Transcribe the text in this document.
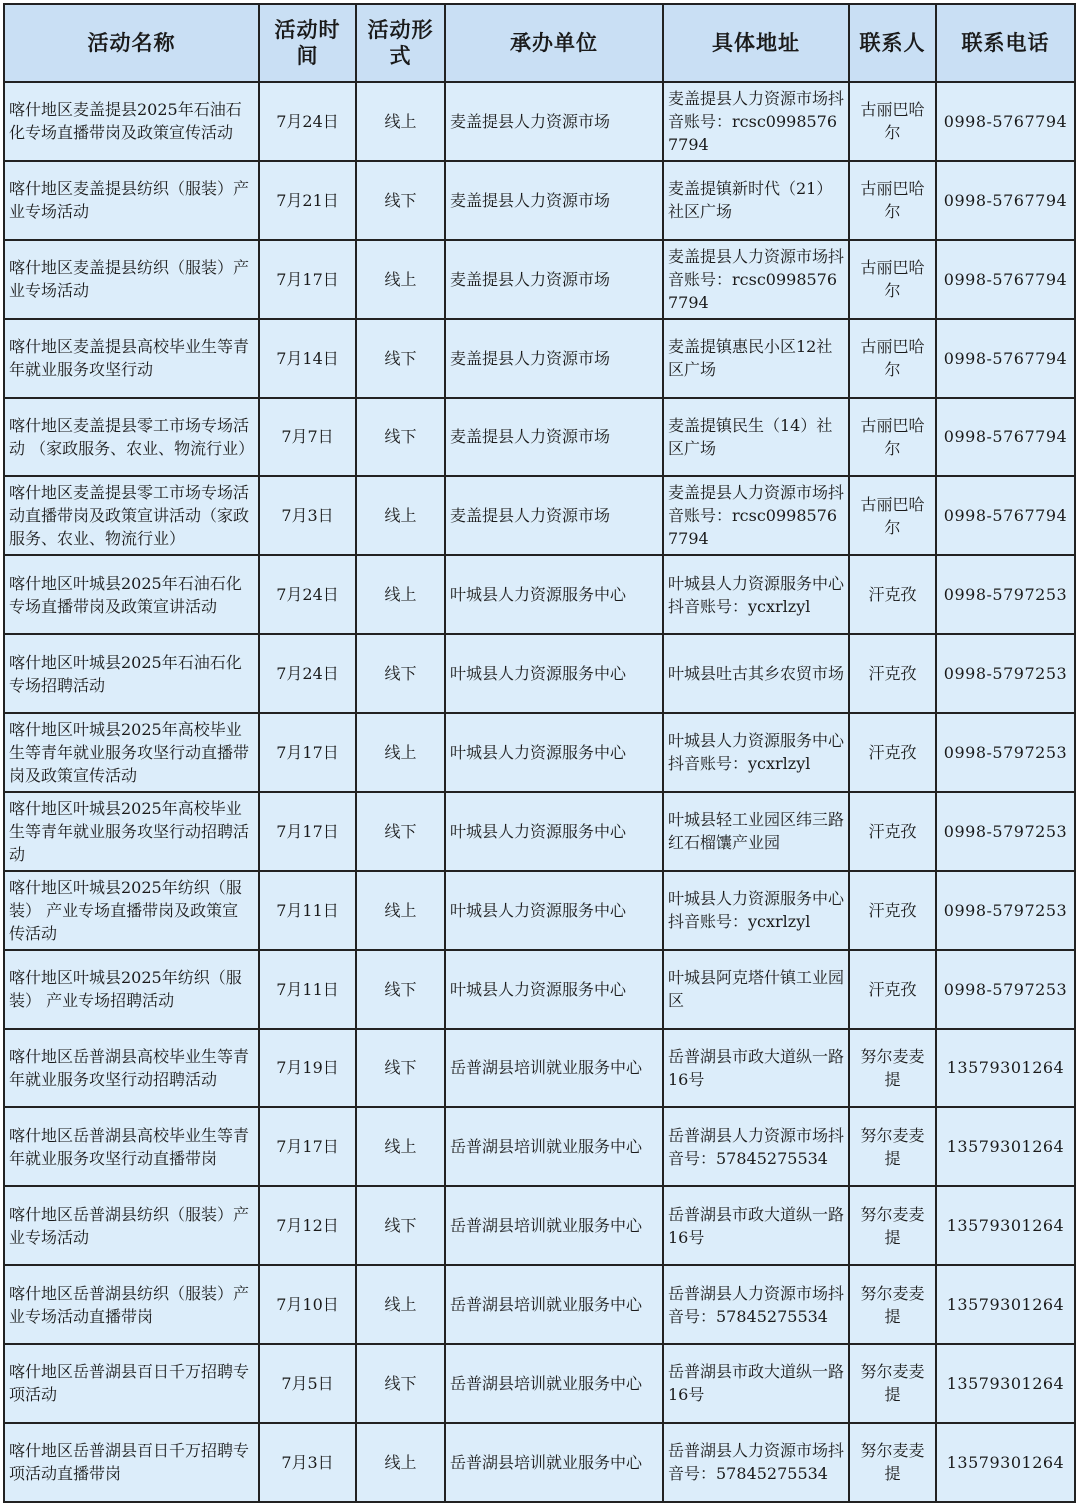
活动名称	活动时间	活动形式	承办单位	具体地址	联系人	联系电话
喀什地区麦盖提县2025年石油石化专场直播带岗及政策宣传活动	7月24日	线上	麦盖提县人力资源市场	麦盖提县人力资源市场抖音账号：rcsc09985767794	古丽巴哈尔	0998-5767794
喀什地区麦盖提县纺织（服装）产业专场活动	7月21日	线下	麦盖提县人力资源市场	麦盖提镇新时代（21）社区广场	古丽巴哈尔	0998-5767794
喀什地区麦盖提县纺织（服装）产业专场活动	7月17日	线上	麦盖提县人力资源市场	麦盖提县人力资源市场抖音账号：rcsc09985767794	古丽巴哈尔	0998-5767794
喀什地区麦盖提县高校毕业生等青年就业服务攻坚行动	7月14日	线下	麦盖提县人力资源市场	麦盖提镇惠民小区12社区广场	古丽巴哈尔	0998-5767794
喀什地区麦盖提县零工市场专场活动 （家政服务、农业、物流行业）	7月7日	线下	麦盖提县人力资源市场	麦盖提镇民生（14）社区广场	古丽巴哈尔	0998-5767794
喀什地区麦盖提县零工市场专场活动直播带岗及政策宣讲活动（家政服务、农业、物流行业）	7月3日	线上	麦盖提县人力资源市场	麦盖提县人力资源市场抖音账号：rcsc09985767794	古丽巴哈尔	0998-5767794
喀什地区叶城县2025年石油石化专场直播带岗及政策宣讲活动	7月24日	线上	叶城县人力资源服务中心	叶城县人力资源服务中心抖音账号：ycxrlzyl	汗克孜	0998-5797253
喀什地区叶城县2025年石油石化专场招聘活动	7月24日	线下	叶城县人力资源服务中心	叶城县吐古其乡农贸市场	汗克孜	0998-5797253
喀什地区叶城县2025年高校毕业生等青年就业服务攻坚行动直播带岗及政策宣传活动	7月17日	线上	叶城县人力资源服务中心	叶城县人力资源服务中心抖音账号：ycxrlzyl	汗克孜	0998-5797253
喀什地区叶城县2025年高校毕业生等青年就业服务攻坚行动招聘活动	7月17日	线下	叶城县人力资源服务中心	叶城县轻工业园区纬三路红石榴馕产业园	汗克孜	0998-5797253
喀什地区叶城县2025年纺织（服装） 产业专场直播带岗及政策宣传活动	7月11日	线上	叶城县人力资源服务中心	叶城县人力资源服务中心抖音账号：ycxrlzyl	汗克孜	0998-5797253
喀什地区叶城县2025年纺织（服装） 产业专场招聘活动	7月11日	线下	叶城县人力资源服务中心	叶城县阿克塔什镇工业园区	汗克孜	0998-5797253
喀什地区岳普湖县高校毕业生等青年就业服务攻坚行动招聘活动	7月19日	线下	岳普湖县培训就业服务中心	岳普湖县市政大道纵一路16号	努尔麦麦提	13579301264
喀什地区岳普湖县高校毕业生等青年就业服务攻坚行动直播带岗	7月17日	线上	岳普湖县培训就业服务中心	岳普湖县人力资源市场抖音号：57845275534	努尔麦麦提	13579301264
喀什地区岳普湖县纺织（服装）产业专场活动	7月12日	线下	岳普湖县培训就业服务中心	岳普湖县市政大道纵一路16号	努尔麦麦提	13579301264
喀什地区岳普湖县纺织（服装）产业专场活动直播带岗	7月10日	线上	岳普湖县培训就业服务中心	岳普湖县人力资源市场抖音号：57845275534	努尔麦麦提	13579301264
喀什地区岳普湖县百日千万招聘专项活动	7月5日	线下	岳普湖县培训就业服务中心	岳普湖县市政大道纵一路16号	努尔麦麦提	13579301264
喀什地区岳普湖县百日千万招聘专项活动直播带岗	7月3日	线上	岳普湖县培训就业服务中心	岳普湖县人力资源市场抖音号：57845275534	努尔麦麦提	13579301264
